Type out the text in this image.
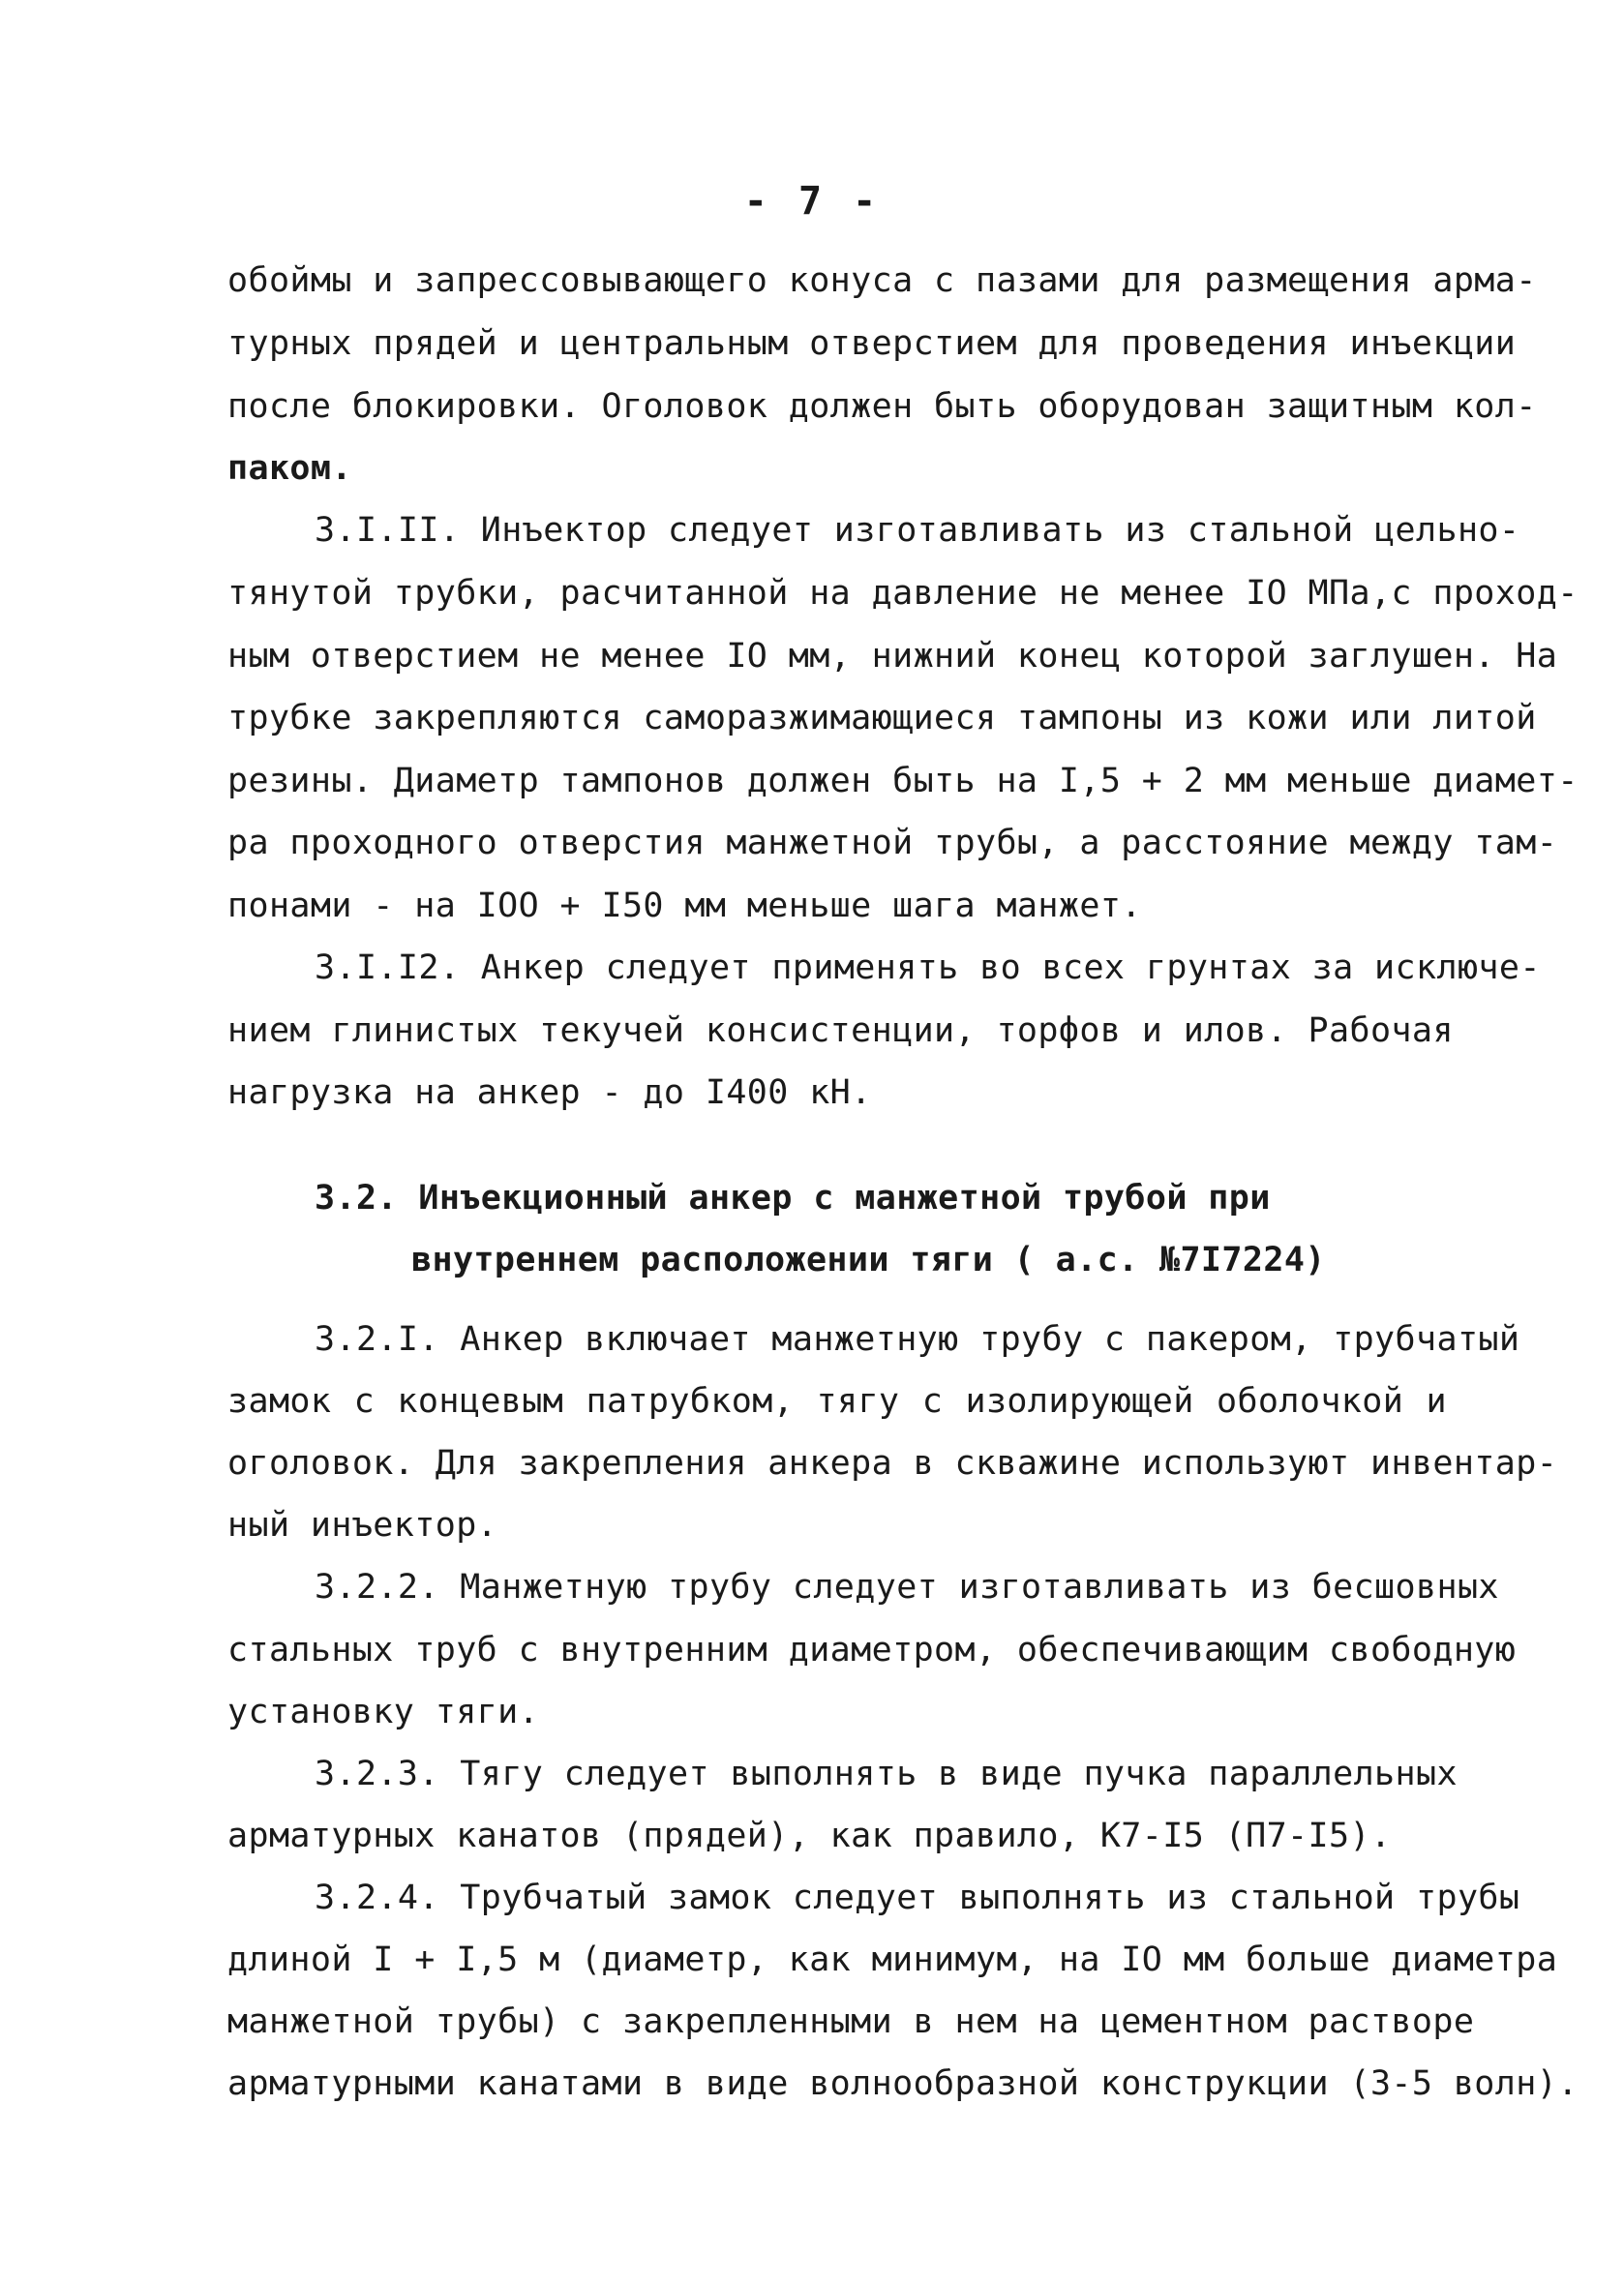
- 7 -
обоймы и запрессовывающего конуса с пазами для размещения арма-
турных прядей и центральным отверстием для проведения инъекции
после блокировки. Оголовок должен быть оборудован защитным кол-
паком.
3.I.II. Инъектор следует изготавливать из стальной цельно-
тянутой трубки, расчитанной на давление не менее IO МПа,с проход-
ным отверстием не менее IO мм, нижний конец которой заглушен. На
трубке закрепляются саморазжимающиеся тампоны из кожи или литой
резины. Диаметр тампонов должен быть на I,5 + 2 мм меньше диамет-
ра проходного отверстия манжетной трубы, а расстояние между там-
понами - на IOO + I50 мм меньше шага манжет.
3.I.I2. Анкер следует применять во всех грунтах за исключе-
нием глинистых текучей консистенции, торфов и илов. Рабочая
нагрузка на анкер - до I400 кН.
3.2. Инъекционный анкер с манжетной трубой при
внутреннем расположении тяги ( а.с. №7I7224)
3.2.I. Анкер включает манжетную трубу с пакером, трубчатый
замок с концевым патрубком, тягу с изолирующей оболочкой и
оголовок. Для закрепления анкера в скважине используют инвентар-
ный инъектор.
3.2.2. Манжетную трубу следует изготавливать из бесшовных
стальных труб с внутренним диаметром, обеспечивающим свободную
установку тяги.
3.2.3. Тягу следует выполнять в виде пучка параллельных
арматурных канатов (прядей), как правило, К7-I5 (П7-I5).
3.2.4. Трубчатый замок следует выполнять из стальной трубы
длиной I + I,5 м (диаметр, как минимум, на IO мм больше диаметра
манжетной трубы) с закрепленными в нем на цементном растворе
арматурными канатами в виде волнообразной конструкции (3-5 волн).
